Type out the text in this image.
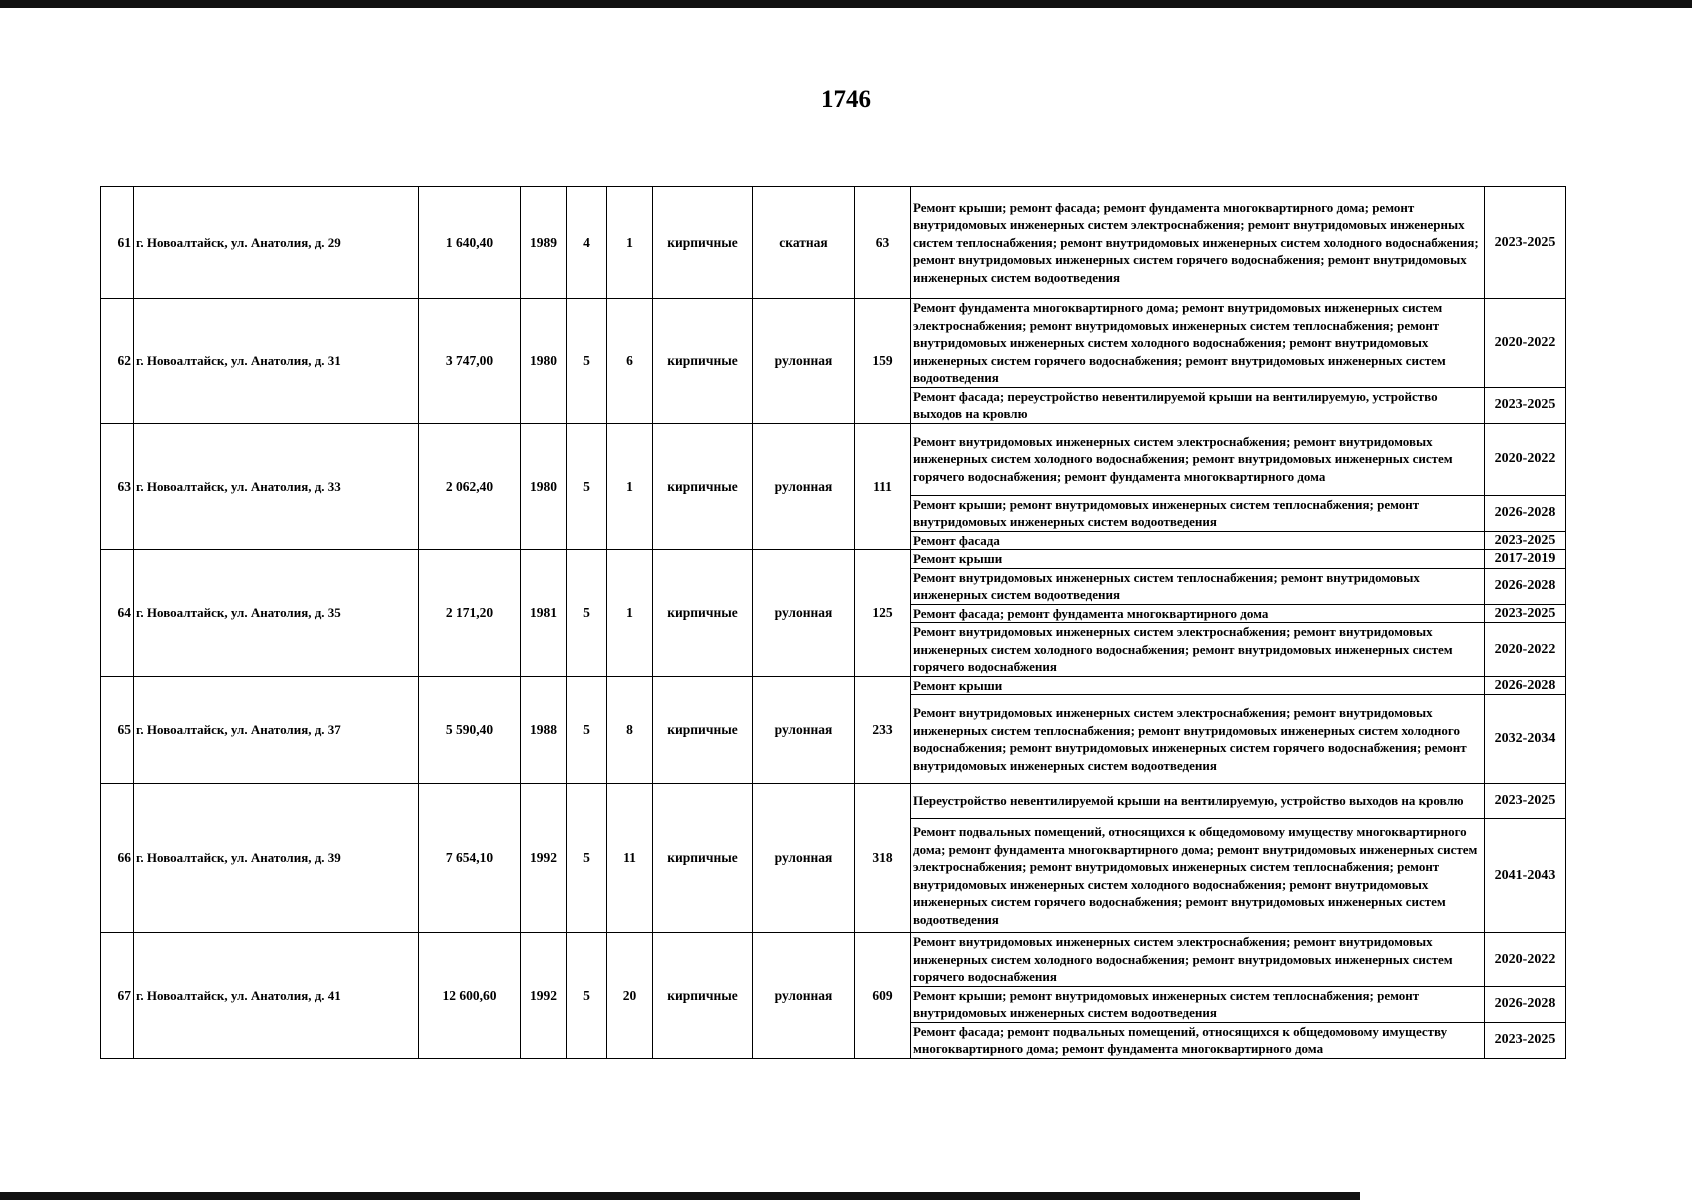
1746
61	г. Новоалтайск, ул. Анатолия, д. 29	1 640,40	1989	4	1	кирпичные	скатная	63	Ремонт крыши; ремонт фасада; ремонт фундамента многоквартирного дома; ремонт внутридомовых инженерных систем электроснабжения; ремонт внутридомовых инженерных систем теплоснабжения; ремонт внутридомовых инженерных систем холодного водоснабжения; ремонт внутридомовых инженерных систем горячего водоснабжения; ремонт внутридомовых инженерных систем водоотведения	2023-2025
62	г. Новоалтайск, ул. Анатолия, д. 31	3 747,00	1980	5	6	кирпичные	рулонная	159	Ремонт фундамента многоквартирного дома; ремонт внутридомовых инженерных систем электроснабжения; ремонт внутридомовых инженерных систем теплоснабжения; ремонт внутридомовых инженерных систем холодного водоснабжения; ремонт внутридомовых инженерных систем горячего водоснабжения; ремонт внутридомовых инженерных систем водоотведения	2020-2022
									Ремонт фасада; переустройство невентилируемой крыши на вентилируемую, устройство выходов на кровлю	2023-2025
63	г. Новоалтайск, ул. Анатолия, д. 33	2 062,40	1980	5	1	кирпичные	рулонная	111	Ремонт внутридомовых инженерных систем электроснабжения; ремонт внутридомовых инженерных систем холодного водоснабжения; ремонт внутридомовых инженерных систем горячего водоснабжения; ремонт фундамента многоквартирного дома	2020-2022
									Ремонт крыши; ремонт внутридомовых инженерных систем теплоснабжения; ремонт внутридомовых инженерных систем водоотведения	2026-2028
									Ремонт фасада	2023-2025
64	г. Новоалтайск, ул. Анатолия, д. 35	2 171,20	1981	5	1	кирпичные	рулонная	125	Ремонт крыши	2017-2019
									Ремонт внутридомовых инженерных систем теплоснабжения; ремонт внутридомовых инженерных систем водоотведения	2026-2028
									Ремонт фасада; ремонт фундамента многоквартирного дома	2023-2025
									Ремонт внутридомовых инженерных систем электроснабжения; ремонт внутридомовых инженерных систем холодного водоснабжения; ремонт внутридомовых инженерных систем горячего водоснабжения	2020-2022
65	г. Новоалтайск, ул. Анатолия, д. 37	5 590,40	1988	5	8	кирпичные	рулонная	233	Ремонт крыши	2026-2028
									Ремонт внутридомовых инженерных систем электроснабжения; ремонт внутридомовых инженерных систем теплоснабжения; ремонт внутридомовых инженерных систем холодного водоснабжения; ремонт внутридомовых инженерных систем горячего водоснабжения; ремонт внутридомовых инженерных систем водоотведения	2032-2034
66	г. Новоалтайск, ул. Анатолия, д. 39	7 654,10	1992	5	11	кирпичные	рулонная	318	Переустройство невентилируемой крыши на вентилируемую, устройство выходов на кровлю	2023-2025
									Ремонт подвальных помещений, относящихся к общедомовому имуществу многоквартирного дома; ремонт фундамента многоквартирного дома; ремонт внутридомовых инженерных систем электроснабжения; ремонт внутридомовых инженерных систем теплоснабжения; ремонт внутридомовых инженерных систем холодного водоснабжения; ремонт внутридомовых инженерных систем горячего водоснабжения; ремонт внутридомовых инженерных систем водоотведения	2041-2043
67	г. Новоалтайск, ул. Анатолия, д. 41	12 600,60	1992	5	20	кирпичные	рулонная	609	Ремонт внутридомовых инженерных систем электроснабжения; ремонт внутридомовых инженерных систем холодного водоснабжения; ремонт внутридомовых инженерных систем горячего водоснабжения	2020-2022
									Ремонт крыши; ремонт внутридомовых инженерных систем теплоснабжения; ремонт внутридомовых инженерных систем водоотведения	2026-2028
									Ремонт фасада; ремонт подвальных помещений, относящихся к общедомовому имуществу многоквартирного дома; ремонт фундамента многоквартирного дома	2023-2025
